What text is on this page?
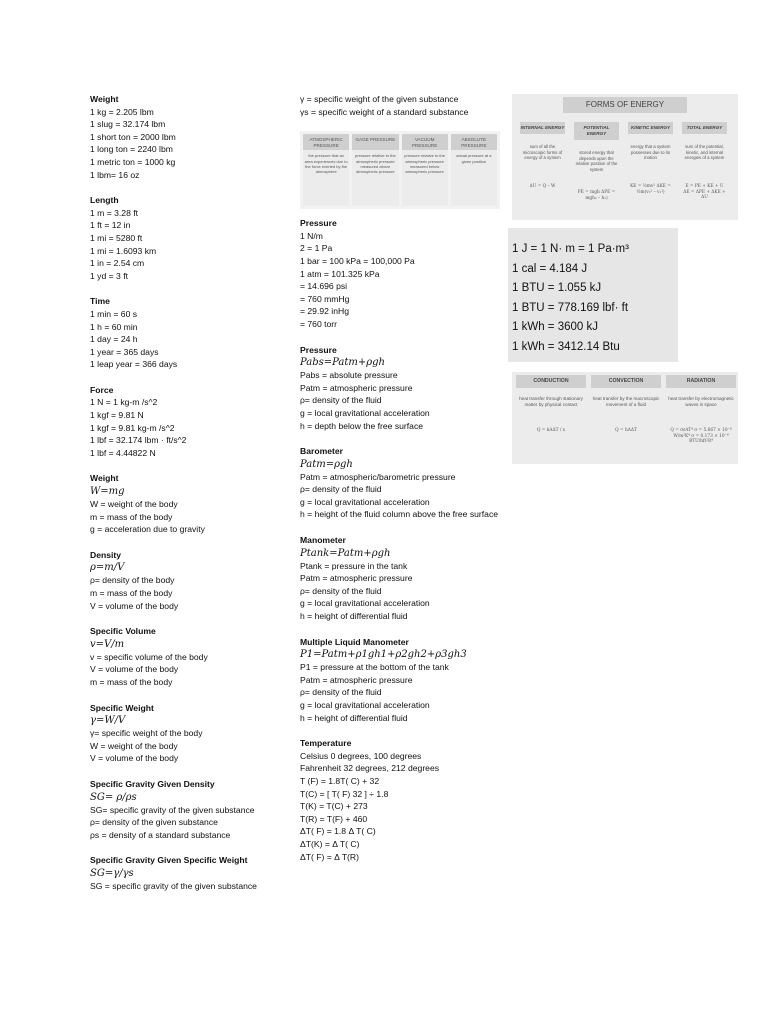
Weight
1 kg = 2.205 lbm
1 slug = 32.174 lbm
1 short ton = 2000 lbm
1 long ton = 2240 lbm
1 metric ton = 1000 kg
1 lbm= 16 oz
Length
1 m = 3.28 ft
1 ft = 12 in
1 mi = 5280 ft
1 mi = 1.6093 km
1 in = 2.54 cm
1 yd = 3 ft
Time
1 min = 60 s
1 h = 60 min
1 day = 24 h
1 year = 365 days
1 leap year = 366 days
Force
1 N = 1 kg-m /s^2
1 kgf = 9.81 N
1 kgf = 9.81 kg-m /s^2
1 lbf = 32.174 lbm · ft/s^2
1 lbf = 4.44822 N
Weight
W=mg
W = weight of the body
m = mass of the body
g = acceleration due to gravity
Density
ρ=m/V
ρ= density of the body
m = mass of the body
V = volume of the body
Specific Volume
v=V/m
v = specific volume of the body
V = volume of the body
m = mass of the body
Specific Weight
γ=W/V
γ= specific weight of the body
W = weight of the body
V = volume of the body
Specific Gravity Given Density
SG= ρ/ρs
SG= specific gravity of the given substance
ρ= density of the given substance
ρs = density of a standard substance
Specific Gravity Given Specific Weight
SG=γ/γs
SG = specific gravity of the given substance
γ = specific weight of the given substance
γs = specific weight of a standard substance
ATMOSPHERIC PRESSURE
the pressure that an area experiences due to the force exerted by the atmosphere
GAGE PRESSURE
pressure relative to the atmospheric pressure measured above atmospheric pressure
VACUUM PRESSURE
pressure relative to the atmospheric pressure measured below atmospheric pressure
ABSOLUTE PRESSURE
actual pressure at a given position
Pressure
1 N/m
2 = 1 Pa
1 bar = 100 kPa = 100,000 Pa
1 atm = 101.325 kPa
= 14.696 psi
= 760 mmHg
= 29.92 inHg
= 760 torr
Pressure
Pabs=Patm+ρgh
Pabs = absolute pressure
Patm = atmospheric pressure
ρ= density of the fluid
g = local gravitational acceleration
h = depth below the free surface
Barometer
Patm=ρgh
Patm = atmospheric/barometric pressure
ρ= density of the fluid
g = local gravitational acceleration
h = height of the fluid column above the free surface
Manometer
Ptank=Patm+ρgh
Ptank = pressure in the tank
Patm = atmospheric pressure
ρ= density of the fluid
g = local gravitational acceleration
h = height of differential fluid
Multiple Liquid Manometer
P1=Patm+ρ1gh1+ρ2gh2+ρ3gh3
P1 = pressure at the bottom of the tank
Patm = atmospheric pressure
ρ= density of the fluid
g = local gravitational acceleration
h = height of differential fluid
Temperature
Celsius 0 degrees, 100 degrees
Fahrenheit 32 degrees, 212 degrees
T (F) = 1.8T( C) + 32
T(C) = [ T( F) 32 ] ÷ 1.8
T(K) = T(C) + 273
T(R) = T(F) + 460
ΔT( F) = 1.8 Δ T( C)
ΔT(K) = Δ T( C)
ΔT( F) = Δ T(R)
FORMS OF ENERGY
INTERNAL ENERGY
sum of all the microscopic forms of energy of a system
ΔU = Q – W
POTENTIAL ENERGY
stored energy that depends upon the relative position of the system
PE = mgh ΔPE = mgh₂ – h₁)
KINETIC ENERGY
energy that a system possesses due to its motion
KE = ½mv² ΔKE = ½m(v₂² – v₁²)
TOTAL ENERGY
sum of the potential, kinetic, and internal energies of a system
E = PE + KE + U ΔE = ΔPE + ΔKE + ΔU
1 J = 1 N· m = 1 Pa·m³
1 cal = 4.184 J
1 BTU = 1.055 kJ
1 BTU = 778.169 lbf· ft
1 kWh = 3600 kJ
1 kWh = 3412.14 Btu
CONDUCTION
heat transfer through stationary matter by physical contact
Q = kAΔT / x
CONVECTION
heat transfer by the macroscopic movement of a fluid
Q = hAΔT
RADIATION
heat transfer by electromagnetic waves in space
Q = σεAT⁴ σ = 5.667 × 10⁻⁸ W/m²K⁴ σ = 0.173 × 10⁻⁸ BTU/hft²R⁴
